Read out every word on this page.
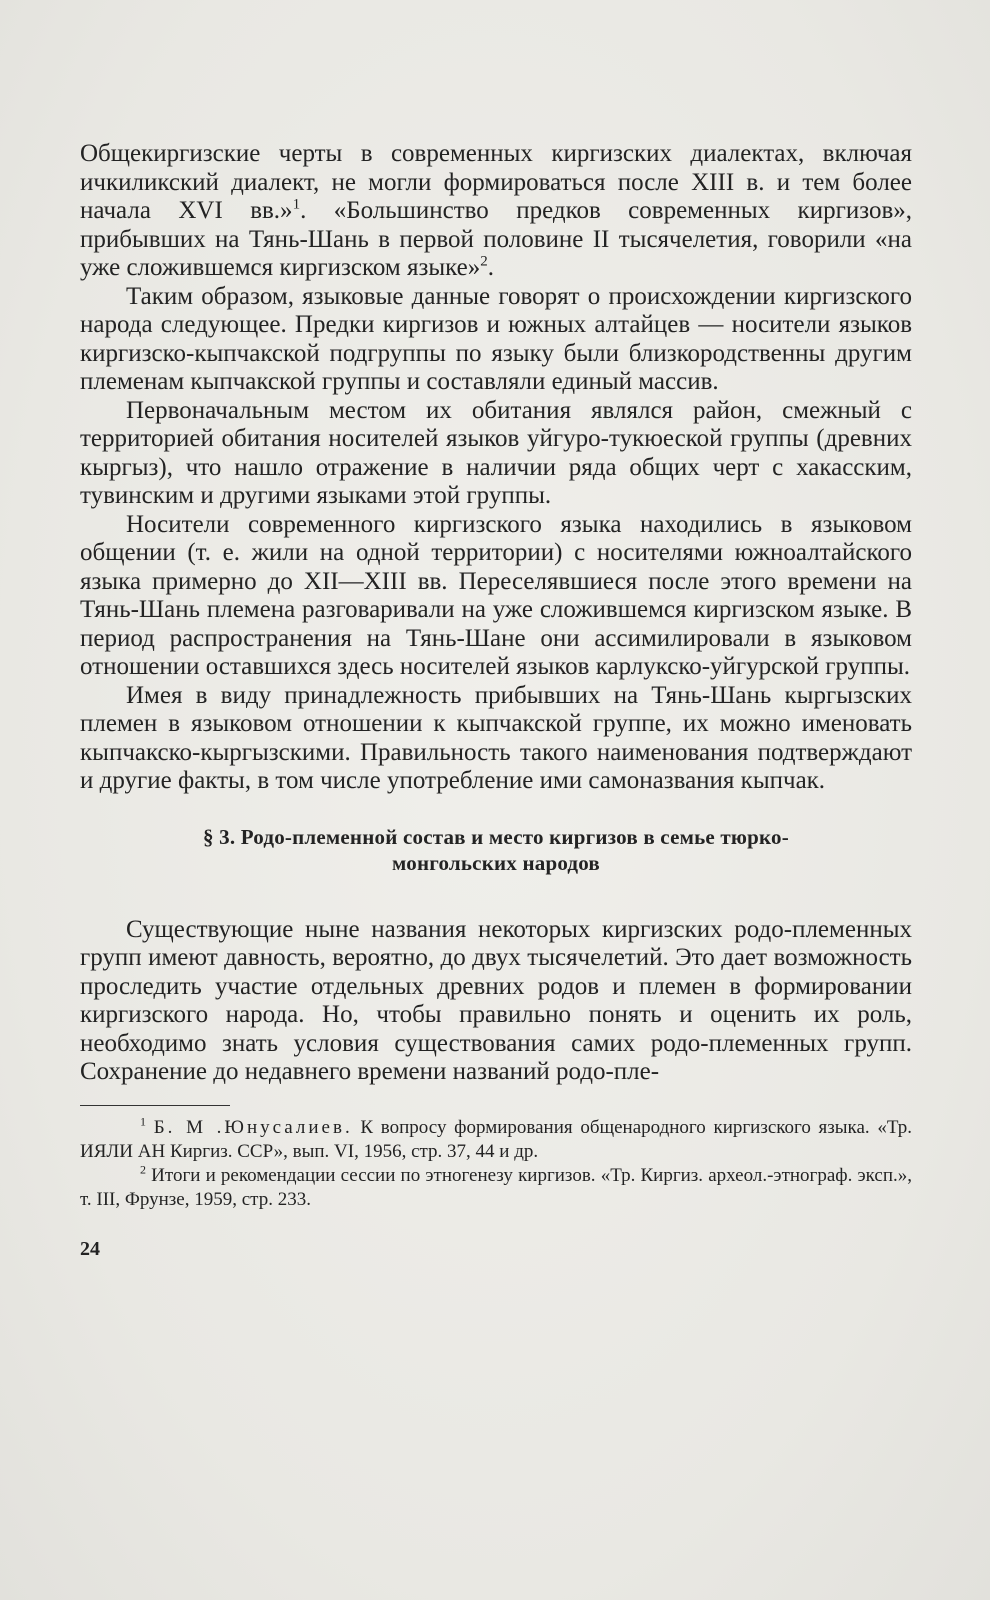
Общекиргизские черты в современных киргизских диалектах, включая ичкиликский диалект, не могли формироваться после XIII в. и тем более начала XVI вв.»$^1$. «Большинство предков современных киргизов», прибывших на Тянь-Шань в первой половине II тысячелетия, говорили «на уже сложившемся киргизском языке»$^2$.

Таким образом, языковые данные говорят о происхождении киргизского народа следующее. Предки киргизов и южных алтайцев — носители языков киргизско-кыпчакской подгруппы по языку были близкородственны другим племенам кыпчакской группы и составляли единый массив.

Первоначальным местом их обитания являлся район, смежный с территорией обитания носителей языков уйгуро-тукюеской группы (древних кыргыз), что нашло отражение в наличии ряда общих черт с хакасским, тувинским и другими языками этой группы.

Носители современного киргизского языка находились в языковом общении (т. е. жили на одной территории) с носителями южноалтайского языка примерно до XII—XIII вв. Переселявшиеся после этого времени на Тянь-Шань племена разговаривали на уже сложившемся киргизском языке. В период распространения на Тянь-Шане они ассимилировали в языковом отношении оставшихся здесь носителей языков карлукско-уйгурской группы.

Имея в виду принадлежность прибывших на Тянь-Шань кыргызских племен в языковом отношении к кыпчакской группе, их можно именовать кыпчакско-кыргызскими. Правильность такого наименования подтверждают и другие факты, в том числе употребление ими самоназвания кыпчак.

§ 3. Родо-племенной состав и место киргизов в семье тюрко-
монгольских народов

Существующие ныне названия некоторых киргизских родо-племенных групп имеют давность, вероятно, до двух тысячелетий. Это дает возможность проследить участие отдельных древних родов и племен в формировании киргизского народа. Но, чтобы правильно понять и оценить их роль, необходимо знать условия существования самих родо-племенных групп. Сохранение до недавнего времени названий родо-пле-

$^1$ Б. М .Юнусалиев. К вопросу формирования общенародного киргизского языка. «Тр. ИЯЛИ АН Киргиз. ССР», вып. VI, 1956, стр. 37, 44 и др.

$^2$ Итоги и рекомендации сессии по этногенезу киргизов. «Тр. Киргиз. археол.-этнограф. эксп.», т. III, Фрунзе, 1959, стр. 233.

24
